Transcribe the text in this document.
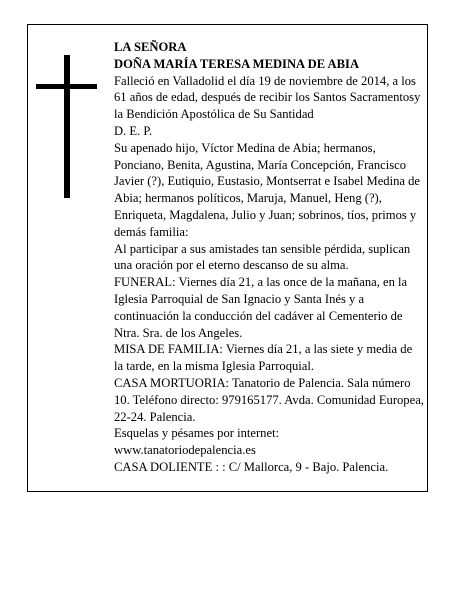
LA SEÑORA

DOÑA MARÍA TERESA MEDINA DE ABIA

Falleció en Valladolid el día 19 de noviembre de 2014, a los 61 años de edad, después de recibir los Santos Sacramentosy la Bendición Apostólica de Su Santidad

D. E. P.

Su apenado hijo, Víctor Medina de Abia; hermanos, Ponciano, Benita, Agustina, María Concepción, Francisco Javier (?), Eutiquio, Eustasio, Montserrat e Isabel Medina de Abia; hermanos políticos, Maruja, Manuel, Heng (?), Enriqueta, Magdalena, Julio y Juan; sobrinos, tíos, primos y demás familia:

Al participar a sus amistades tan sensible pérdida, suplican una oración por el eterno descanso de su alma.

FUNERAL: Viernes día 21, a las once de la mañana, en la Iglesia Parroquial de San Ignacio y Santa Inés y a continuación la conducción del cadáver al Cementerio de Ntra. Sra. de los Angeles.

MISA DE FAMILIA: Viernes día 21, a las siete y media de la tarde, en la misma Iglesia Parroquial.

CASA MORTUORIA: Tanatorio de Palencia. Sala número 10. Teléfono directo: 979165177. Avda. Comunidad Europea, 22-24. Palencia.

Esquelas y pésames por internet:

www.tanatoriodepalencia.es

CASA DOLIENTE : : C/ Mallorca, 9 - Bajo. Palencia.
